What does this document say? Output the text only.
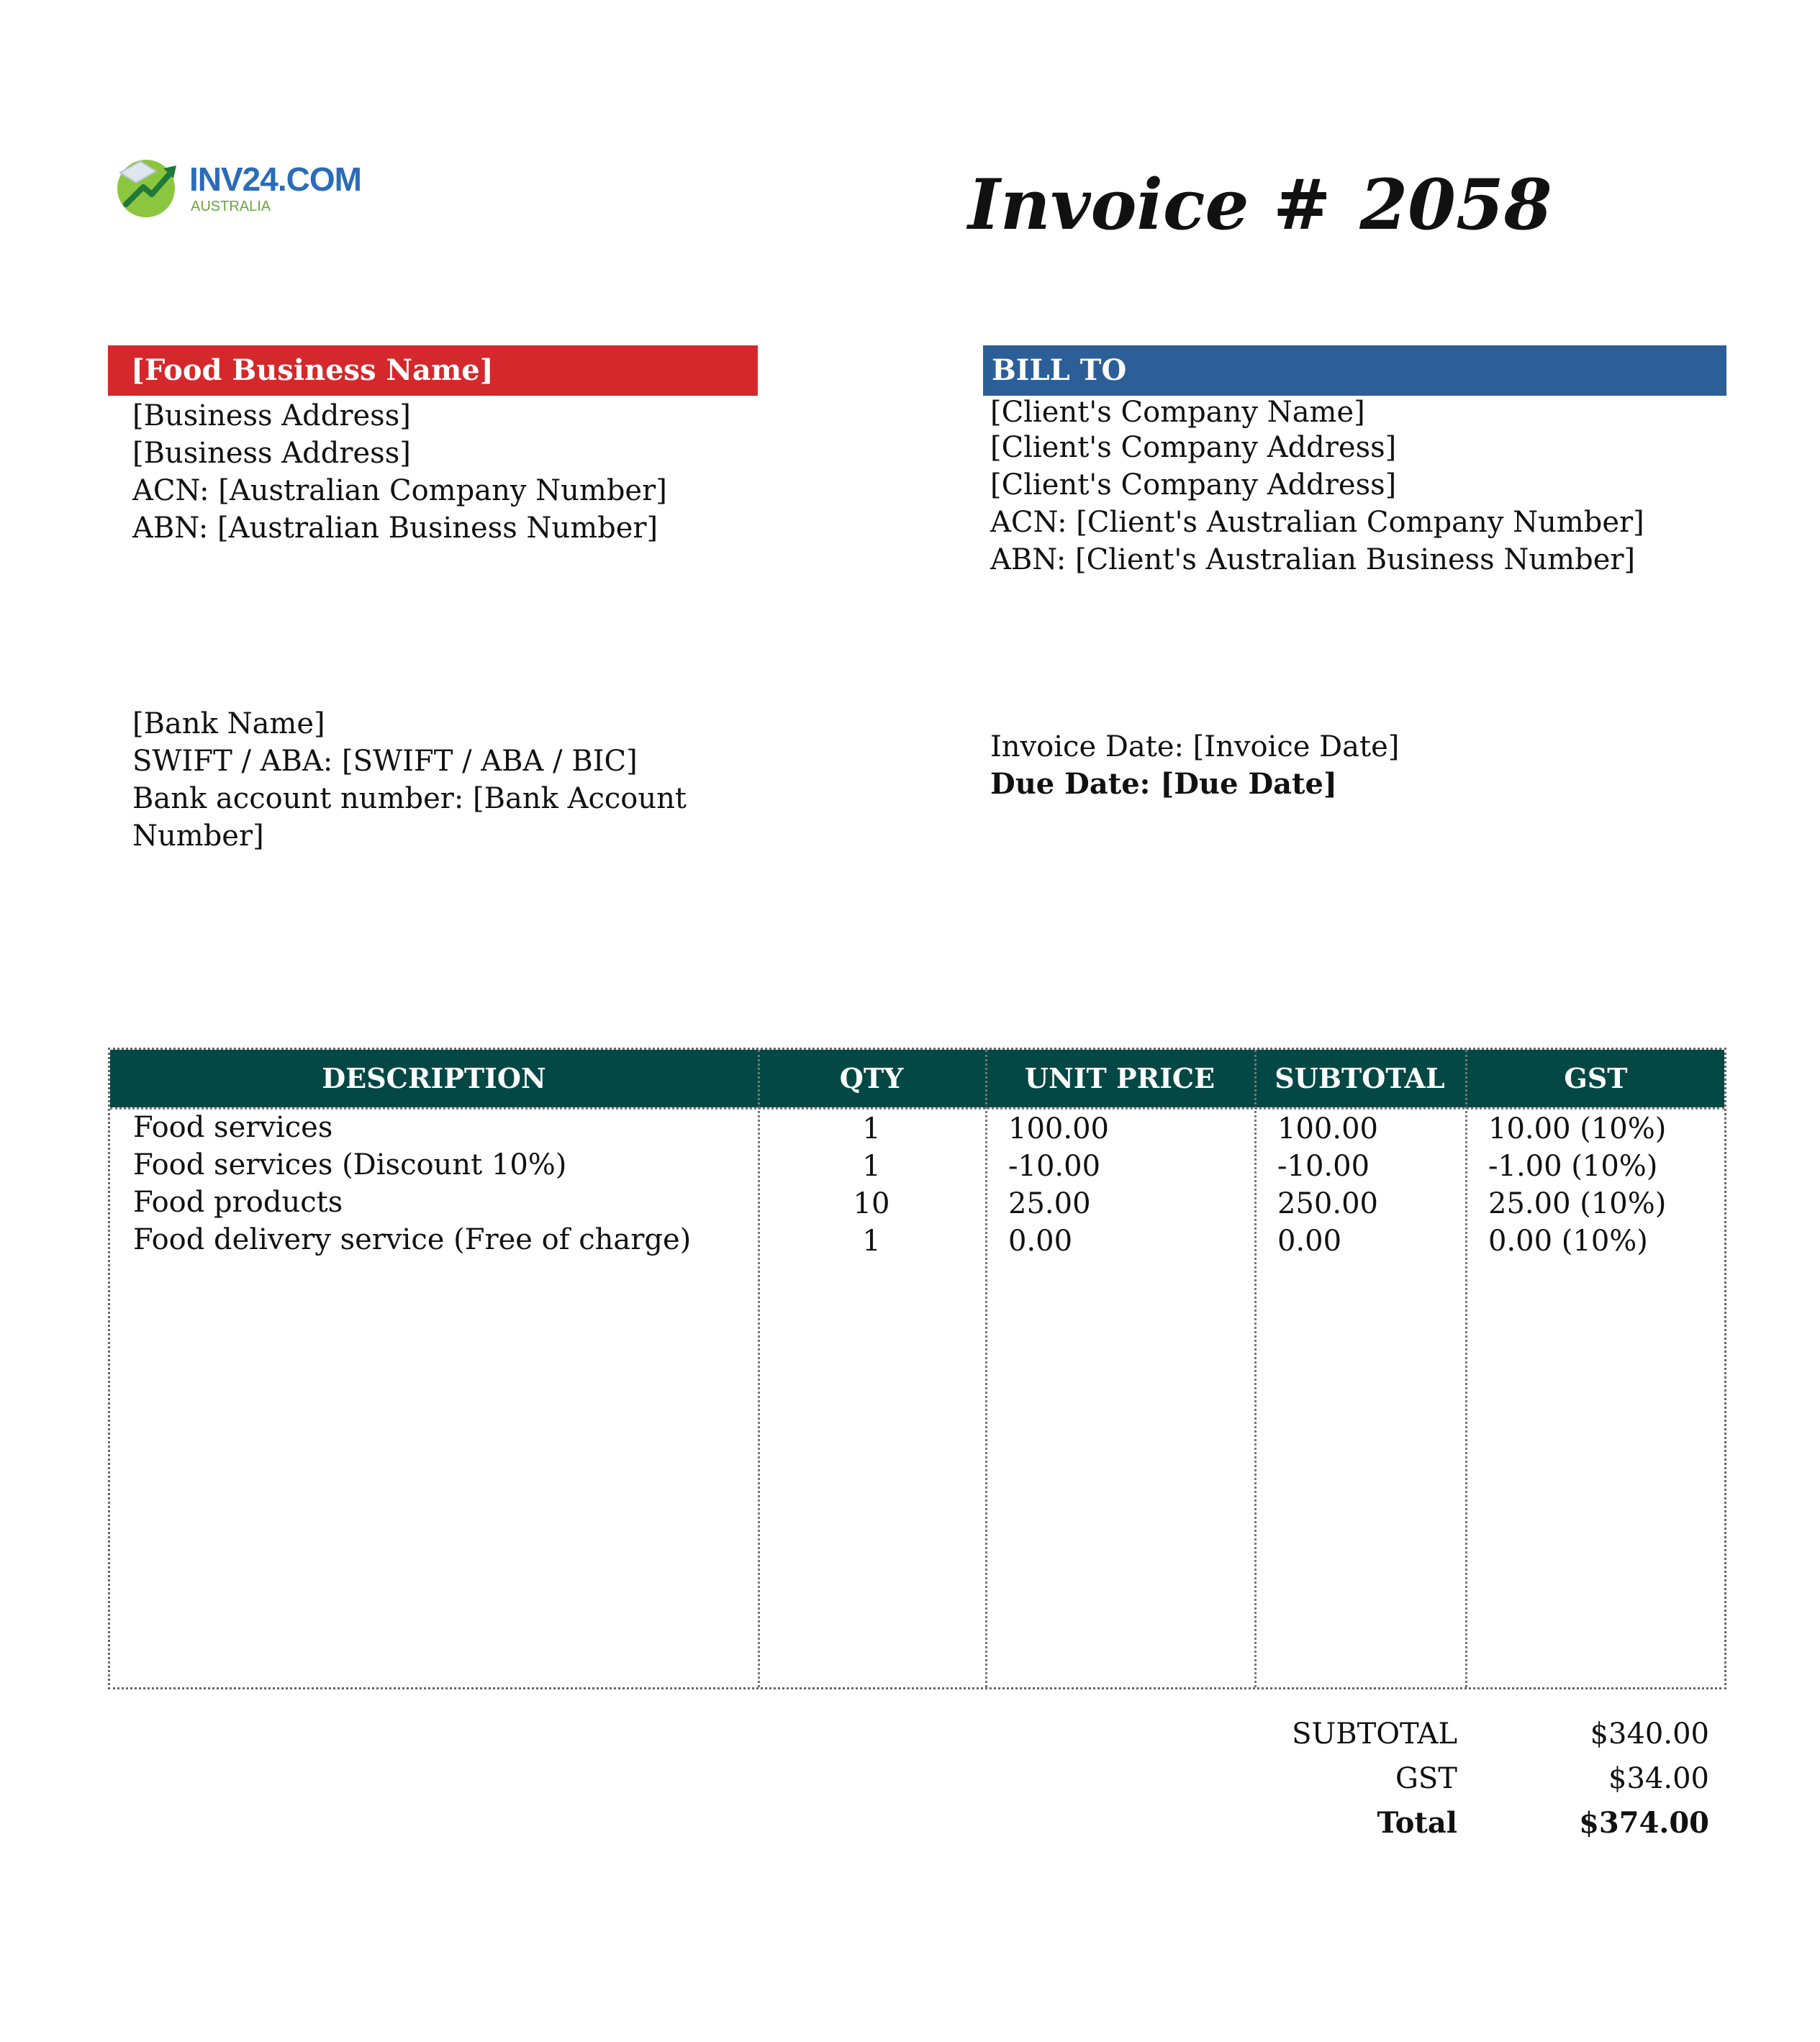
INV24.COM
AUSTRALIA	Invoice # 2058
[Food Business Name]
[Business Address]
[Business Address]
ACN: [Australian Company Number]
ABN: [Australian Business Number]
BILL TO
[Client's Company Name]
[Client's Company Address]
[Client's Company Address]
ACN: [Client's Australian Company Number]
ABN: [Client's Australian Business Number]
[Bank Name]
SWIFT / ABA: [SWIFT / ABA / BIC]
Bank account number: [Bank Account
Number]
Invoice Date: [Invoice Date]
Due Date: [Due Date]
DESCRIPTION	QTY	UNIT PRICE	SUBTOTAL	GST
Food services	1	100.00	100.00	10.00 (10%)
Food services (Discount 10%)	1	-10.00	-10.00	-1.00 (10%)
Food products	10	25.00	250.00	25.00 (10%)
Food delivery service (Free of charge)	1	0.00	0.00	0.00 (10%)
SUBTOTAL	$340.00
GST	$34.00
Total	$374.00
